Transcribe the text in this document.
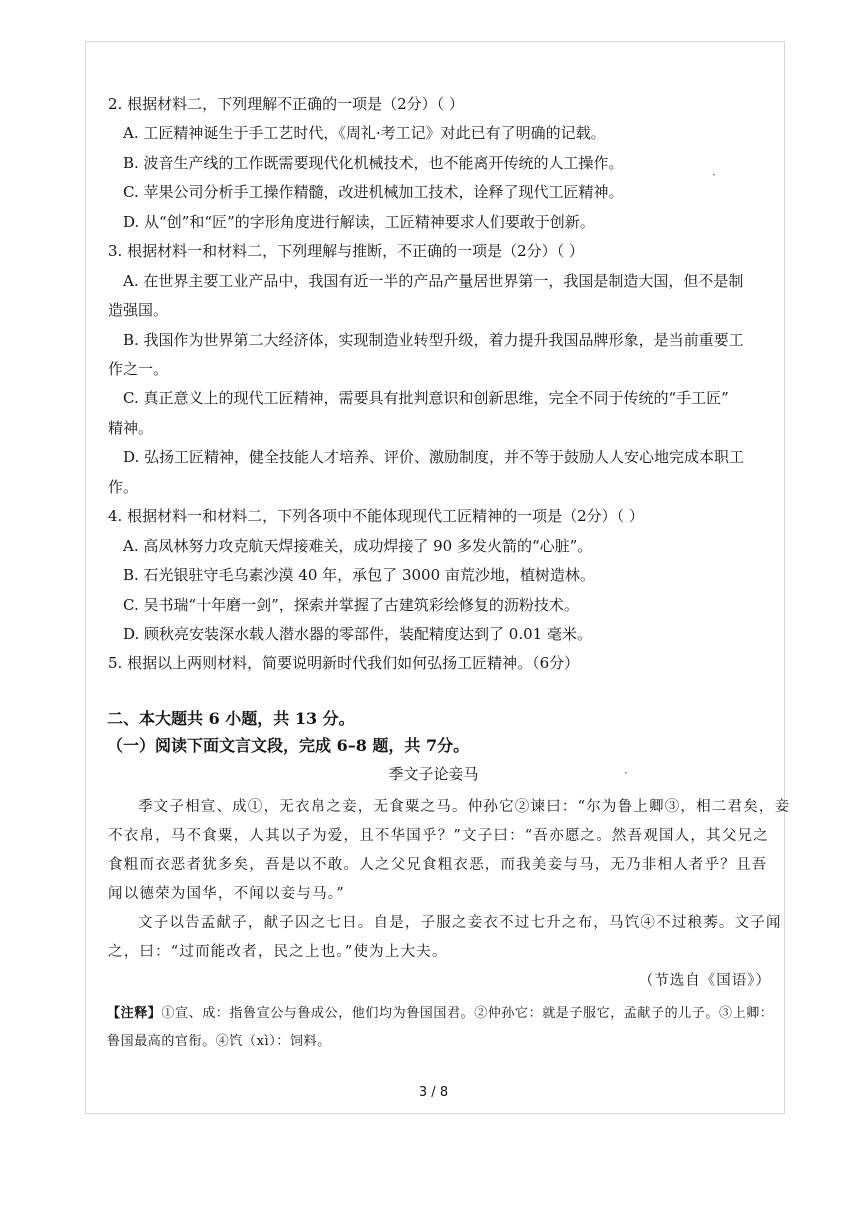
2. 根据材料二，下列理解不正确的一项是（2分）（ ）
A. 工匠精神诞生于手工艺时代，《周礼·考工记》对此已有了明确的记载。
B. 波音生产线的工作既需要现代化机械技术，也不能离开传统的人工操作。
C. 苹果公司分析手工操作精髓，改进机械加工技术，诠释了现代工匠精神。
D. 从“创”和“匠”的字形角度进行解读，工匠精神要求人们要敢于创新。
3. 根据材料一和材料二，下列理解与推断，不正确的一项是（2分）（ ）
A. 在世界主要工业产品中，我国有近一半的产品产量居世界第一，我国是制造大国，但不是制
造强国。
B. 我国作为世界第二大经济体，实现制造业转型升级，着力提升我国品牌形象，是当前重要工
作之一。
C. 真正意义上的现代工匠精神，需要具有批判意识和创新思维，完全不同于传统的“手工匠”
精神。
D. 弘扬工匠精神，健全技能人才培养、评价、激励制度，并不等于鼓励人人安心地完成本职工
作。
4. 根据材料一和材料二，下列各项中不能体现现代工匠精神的一项是（2分）（ ）
A. 高凤林努力攻克航天焊接难关，成功焊接了 90 多发火箭的“心脏”。
B. 石光银驻守毛乌素沙漠 40 年，承包了 3000 亩荒沙地，植树造林。
C. 吴书瑞“十年磨一剑”，探索并掌握了古建筑彩绘修复的沥粉技术。
D. 顾秋亮安装深水载人潜水器的零部件，装配精度达到了 0.01 毫米。
5. 根据以上两则材料，简要说明新时代我们如何弘扬工匠精神。（6分）
二、本大题共 6 小题，共 13 分。
（一）阅读下面文言文段，完成 6–8 题，共 7分。
季文子论妾马
季文子相宣、成①，无衣帛之妾，无食粟之马。仲孙它②谏曰：“尔为鲁上卿③，相二君矣，妾
不衣帛，马不食粟，人其以子为爱，且不华国乎？”文子曰：“吾亦愿之。然吾观国人，其父兄之
食粗而衣恶者犹多矣，吾是以不敢。人之父兄食粗衣恶，而我美妾与马，无乃非相人者乎？且吾
闻以德荣为国华，不闻以妾与马。”
文子以告孟献子，献子囚之七日。自是，子服之妾衣不过七升之布，马饩④不过稂莠。文子闻
之，曰：“过而能改者，民之上也。”使为上大夫。
（节选自《国语》）
【注释】①宣、成：指鲁宣公与鲁成公，他们均为鲁国国君。②仲孙它：就是子服它，孟献子的儿子。③上卿：
鲁国最高的官衔。④饩（xì）：饲料。
3 / 8
·
·
